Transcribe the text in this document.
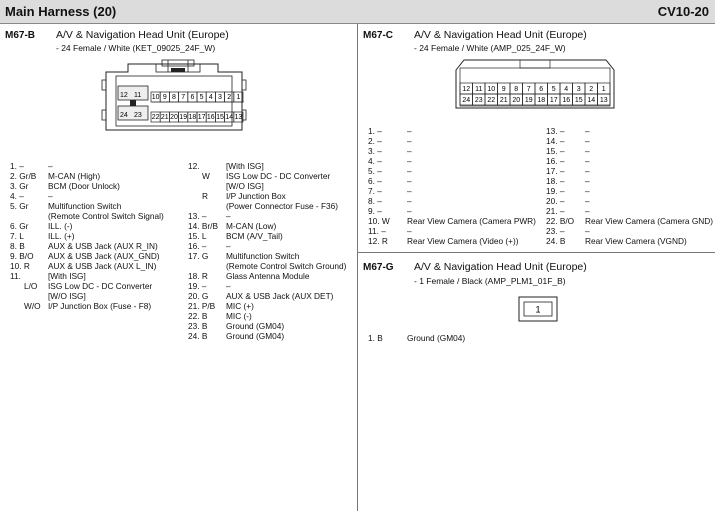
Main Harness (20)	CV10-20
M67-B A/V & Navigation Head Unit (Europe)
- 24 Female / White (KET_09025_24F_W)
12 11
24 23
10 9 8 7 6 5 4 3 2 1
22 21 20 19 18 17 16 15 14 13
1. –	–
2. Gr/B M-CAN (High)
3. Gr BCM (Door Unlock)
4. –	–
5. Gr Multifunction Switch
(Remote Control Switch Signal)
6. Gr ILL. (-)
7. L	ILL. (+)
8. B	AUX & USB Jack (AUX R_IN)
9. B/O AUX & USB Jack (AUX_GND)
10. R AUX & USB Jack (AUX L_IN)
11.	[With ISG]
L/O ISG Low DC - DC Converter
[W/O ISG]
W/O I/P Junction Box (Fuse - F8)
12.	[With ISG]
W ISG Low DC - DC Converter
[W/O ISG]
R I/P Junction Box
(Power Connector Fuse - F36)
13. – –
14. Br/B M-CAN (Low)
15. L BCM (A/V_Tail)
16. – –
17. G Multifunction Switch
(Remote Control Switch Ground)
18. R Glass Antenna Module
19. – –
20. G AUX & USB Jack (AUX DET)
21. P/B MIC (+)
22. B MIC (-)
23. B Ground (GM04)
24. B Ground (GM04)
M67-C A/V & Navigation Head Unit (Europe)
- 24 Female / White (AMP_025_24F_W)
12 11 10 9 8 7 6 5 4 3 2 1
24 23 22 21 20 19 18 17 16 15 14 13
1. –	–
2. –	–
3. –	–
4. –	–
5. –	–
6. –	–
7. –	–
8. –	–
9. –	–
10. W Rear View Camera (Camera PWR)
11. –	–
12. R Rear View Camera (Video (+))
13. – –
14. – –
15. – –
16. – –
17. – –
18. – –
19. – –
20. – –
21. – –
22. B/O Rear View Camera (Camera GND)
23. – –
24. B Rear View Camera (VGND)
M67-G A/V & Navigation Head Unit (Europe)
- 1 Female / Black (AMP_PLM1_01F_B)
1
1. B	Ground (GM04)
